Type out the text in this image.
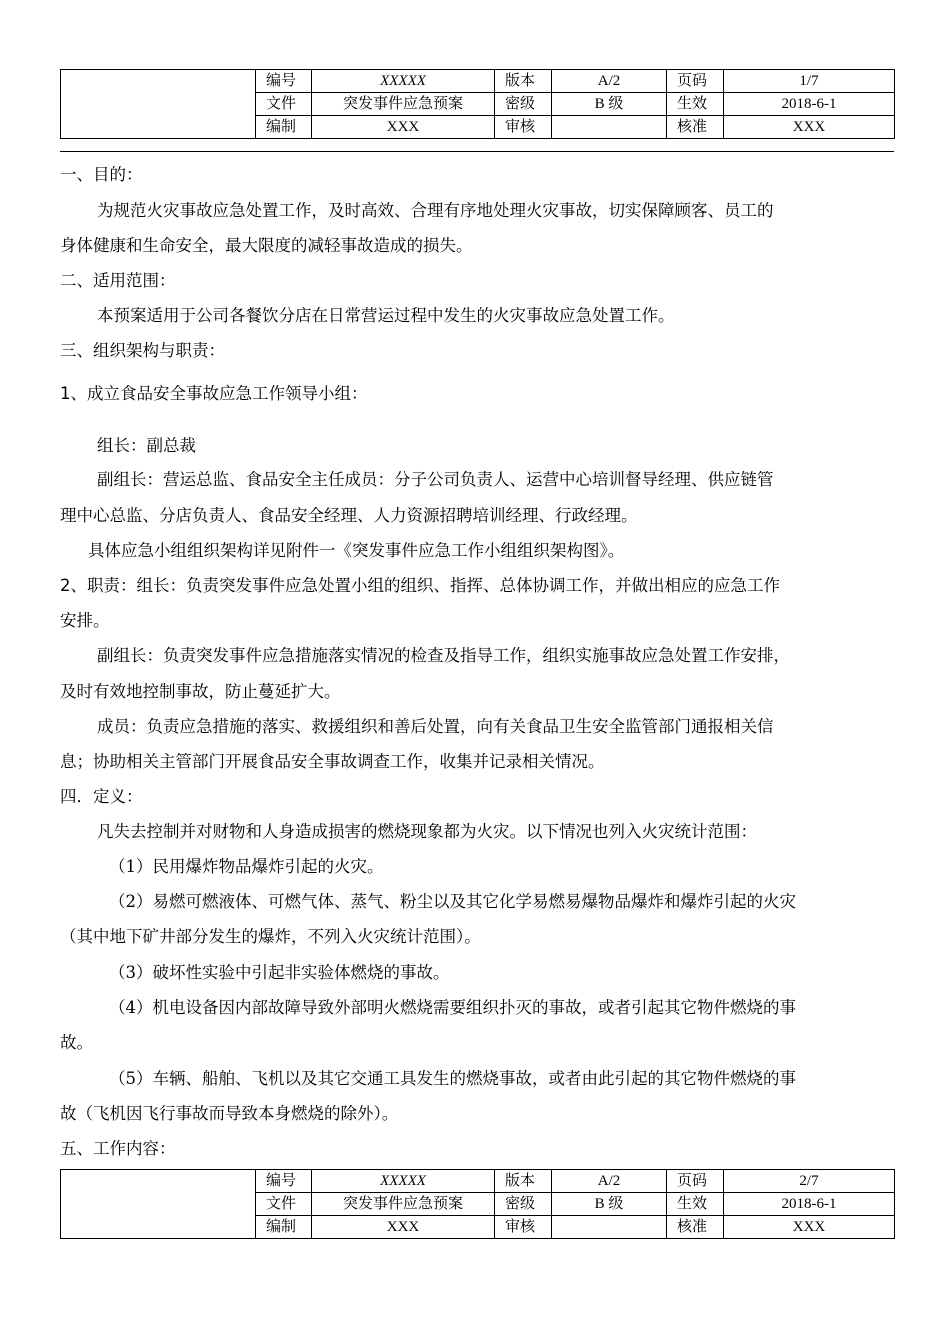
	编号	XXXXX	版本	A/2	页码	1/7
	文件	突发事件应急预案	密级	B 级	生效	2018-6-1
	编制	XXX	审核		核准	XXX

一、目的：

为规范火灾事故应急处置工作，及时高效、合理有序地处理火灾事故，切实保障顾客、员工的

身体健康和生命安全，最大限度的减轻事故造成的损失。

二、适用范围：

本预案适用于公司各餐饮分店在日常营运过程中发生的火灾事故应急处置工作。

三、组织架构与职责：

1、成立食品安全事故应急工作领导小组：

组长：副总裁

副组长：营运总监、食品安全主任成员：分子公司负责人、运营中心培训督导经理、供应链管

理中心总监、分店负责人、食品安全经理、人力资源招聘培训经理、行政经理。

具体应急小组组织架构详见附件一《突发事件应急工作小组组织架构图》。

2、职责：组长：负责突发事件应急处置小组的组织、指挥、总体协调工作，并做出相应的应急工作

安排。

副组长：负责突发事件应急措施落实情况的检查及指导工作，组织实施事故应急处置工作安排，

及时有效地控制事故，防止蔓延扩大。

成员：负责应急措施的落实、救援组织和善后处置，向有关食品卫生安全监管部门通报相关信

息；协助相关主管部门开展食品安全事故调查工作，收集并记录相关情况。

四．定义：

凡失去控制并对财物和人身造成损害的燃烧现象都为火灾。以下情况也列入火灾统计范围：

（1）民用爆炸物品爆炸引起的火灾。

（2）易燃可燃液体、可燃气体、蒸气、粉尘以及其它化学易燃易爆物品爆炸和爆炸引起的火灾

（其中地下矿井部分发生的爆炸，不列入火灾统计范围）。

（3）破坏性实验中引起非实验体燃烧的事故。

（4）机电设备因内部故障导致外部明火燃烧需要组织扑灭的事故，或者引起其它物件燃烧的事

故。

（5）车辆、船舶、飞机以及其它交通工具发生的燃烧事故，或者由此引起的其它物件燃烧的事

故（飞机因飞行事故而导致本身燃烧的除外）。

五、工作内容：

	编号	XXXXX	版本	A/2	页码	2/7
	文件	突发事件应急预案	密级	B 级	生效	2018-6-1
	编制	XXX	审核		核准	XXX
